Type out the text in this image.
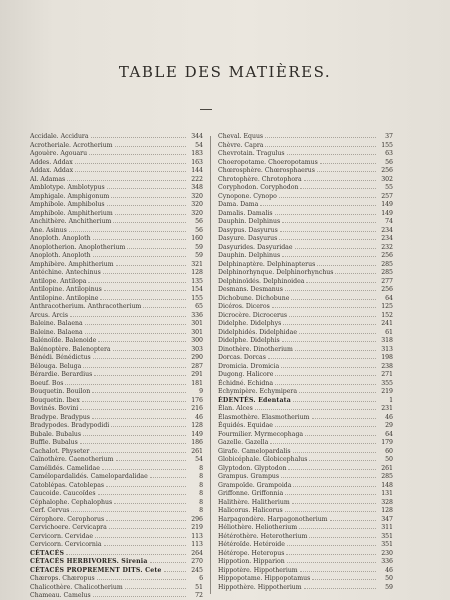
TABLE DES MATIÈRES.
Accidale. Accidura	344
Acrotheriale. Acrotherium	54
Agouère. Agouaru	183
Addes. Addax	163
Addax. Addax	144
Al. Adamas	222
Amblotype. Amblotypus	348
Amphigale. Amphigonum	320
Amphibole. Amphibolus	320
Amphibole. Amphitherium	320
Anchithère. Anchitherium	56
Ane. Asinus	56
Anoploth. Anoploth	160
Anoplotherion. Anoplotherium	59
Anoploth. Anoploth	59
Amphibère. Amphitherium	321
Antéchine. Antechinus	128
Antilope. Antilopa	135
Antilopine. Antilopinus	154
Antilopine. Antilopine	155
Anthracotherium. Anthracotherium	65
Arcus. Arcis	336
Baleine. Balaena	301
Baleine. Balaena	301
Balénoïde. Balenoide	300
Balénoptère. Balenoptera	303
Bénédi. Bénédictus	290
Bélouga. Beluga	287
Bérardie. Berardius	291
Boeuf. Bos	181
Bouquetin. Bouilon	9
Bouquetin. Ibex	176
Bovinés. Bovini	216
Bradype. Bradypus	46
Bradypodes. Bradypodidi	128
Bubale. Bubalus	149
Buffle. Bubalus	186
Cachalot. Physeter	261
Caïnothère. Caenotherium	54
Camélidés. Camelidae	8
Camélopardalidés. Camelopardalidae	8
Catoblépas. Catoblepas	8
Caucoide. Caucoïdes	8
Céphalophe. Cephalophus	8
Cerf. Cervus	8
Cérophore. Cerophorus	296
Cervichoere. Cervicapra	219
Cervicorn. Cervidae	113
Cervicorn. Cervicornia	113
CÉTACÉS	264
CÉTACÉS HERBIVORES. Sirenia	270
CÉTACÉS PROPREMENT DITS. Cete	245
Chærops. Chæropus	6
Chalicothère. Chalicotherium	51
Chameau. Camelus	72
Cheval. Equus	37
Chèvre. Capra	155
Chevrotain. Tragulus	63
Choeropotame. Choeropotamus	56
Chœrosphère. Chœrosphaerus	256
Chrotophère. Chrotophora	302
Coryphodon. Coryphodon	55
Cynopone. Cynopo	257
Dama. Dama	149
Damalis. Damalis	149
Dauphin. Delphinus	74
Dasypus. Dasyurus	234
Dasyure. Dasyurus	234
Dasyurides. Dasyuridae	232
Dauphin. Delphinus	256
Delphinaptère. Delphinapterus	285
Delphinorhynque. Delphinorhynchus	285
Delphinoïdés. Delphinoidea	277
Desmans. Desmanus	256
Dichobune. Dichobune	64
Dicéros. Diceros	125
Dicrocère. Dicrocerus	152
Didelphe. Didelphys	241
Didelphidés. Didelphidae	61
Didelphe. Didelphis	318
Dinothère. Dinotherium	313
Dorcas. Dorcas	198
Dromicia. Dromicia	238
Dugong. Halicore	271
Échidné. Echidna	355
Echymipère. Echymipera	219
ÉDENTÉS. Edentata	1
Élan. Alces	231
Élasmothère. Elasmotherium	46
Équidés. Equidae	29
Fourmilier. Myrmecophaga	64
Gazelle. Gazella	179
Girafe. Camelopardalis	60
Globicéphale. Globicephalus	50
Glyptodon. Glyptodon	261
Grampus. Grampus	285
Grampoïde. Grampoida	148
Griffonne. Griffonnia	131
Halithère. Halitherium	328
Halicorus. Halicorus	128
Harpagondère. Harpagonotherium	347
Héliothère. Heliotherium	311
Hétérothère. Heterotherium	351
Hétéroïde. Hetéroide	351
Hétérope. Heteropus	230
Hippotion. Hipparion	336
Hippotère. Hippotherium	46
Hippopotame. Hippopotamus	50
Hippothère. Hippotherium	59
